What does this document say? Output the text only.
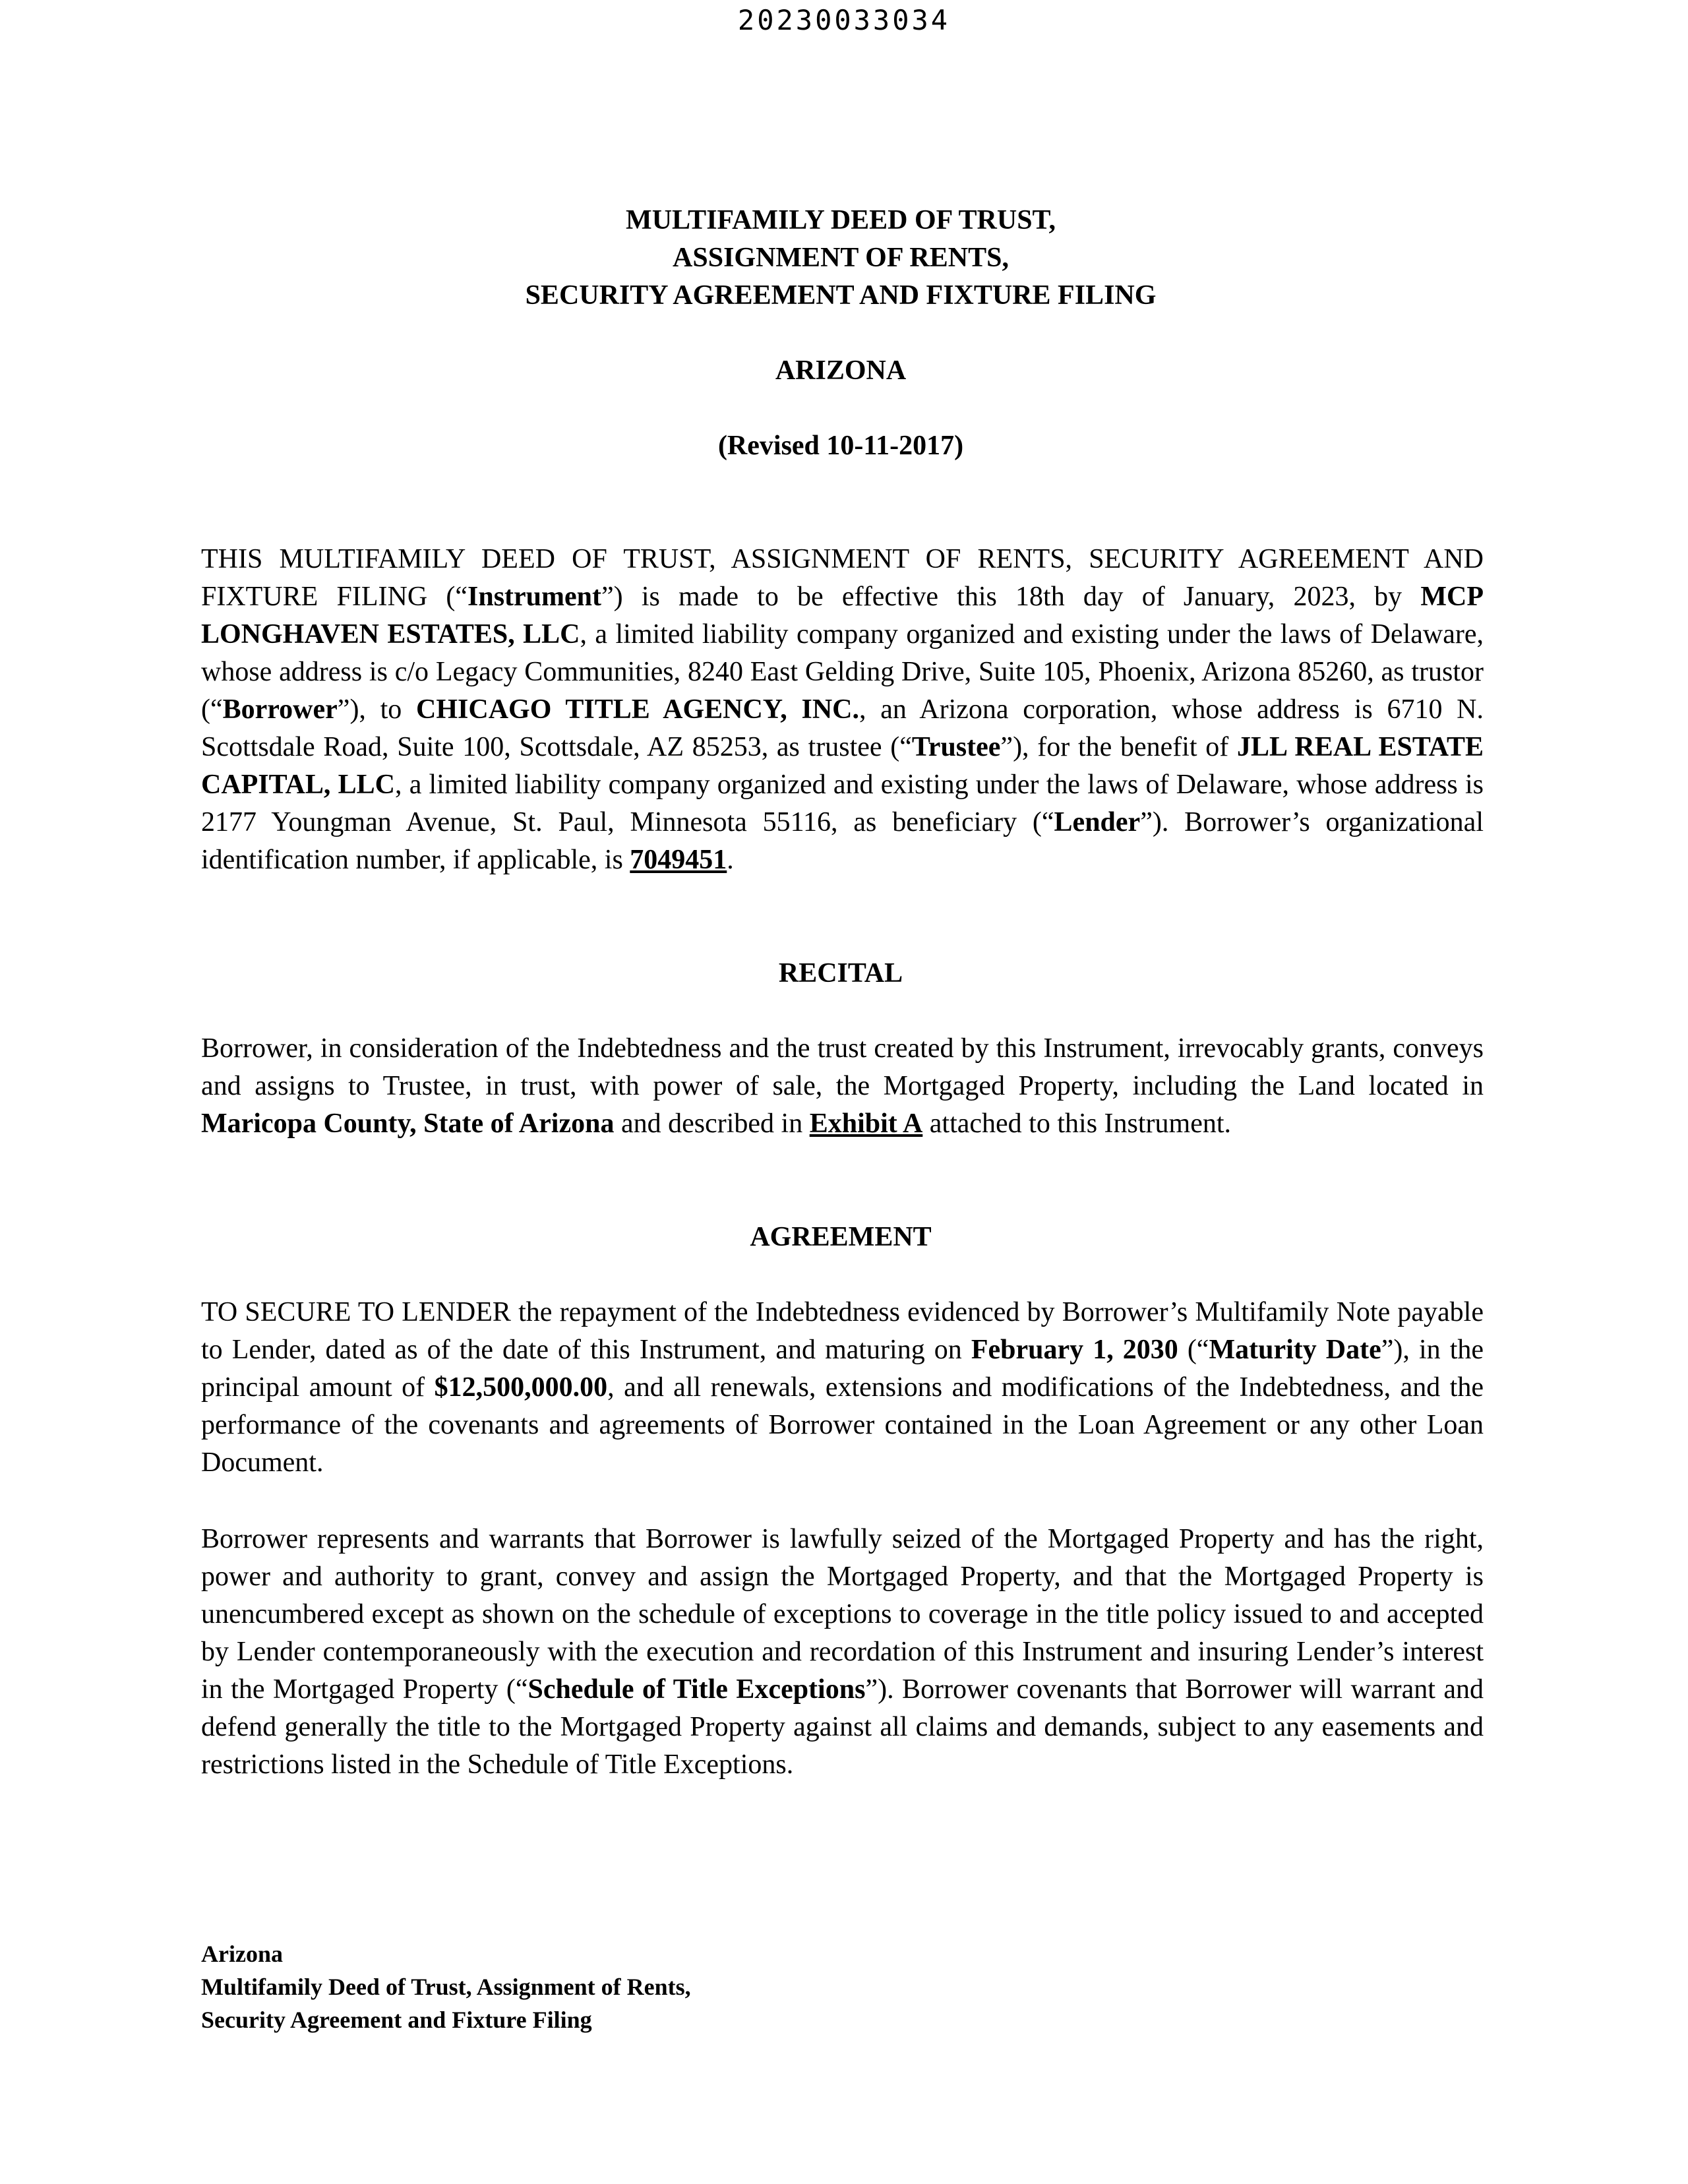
20230033034
MULTIFAMILY DEED OF TRUST,
ASSIGNMENT OF RENTS,
SECURITY AGREEMENT AND FIXTURE FILING
ARIZONA
(Revised 10-11-2017)
THIS MULTIFAMILY DEED OF TRUST, ASSIGNMENT OF RENTS, SECURITY AGREEMENT AND FIXTURE FILING (“Instrument”) is made to be effective this 18th day of January, 2023, by MCP LONGHAVEN ESTATES, LLC, a limited liability company organized and existing under the laws of Delaware, whose address is c/o Legacy Communities, 8240 East Gelding Drive, Suite 105, Phoenix, Arizona 85260, as trustor (“Borrower”), to CHICAGO TITLE AGENCY, INC., an Arizona corporation, whose address is 6710 N. Scottsdale Road, Suite 100, Scottsdale, AZ 85253, as trustee (“Trustee”), for the benefit of JLL REAL ESTATE CAPITAL, LLC, a limited liability company organized and existing under the laws of Delaware, whose address is 2177 Youngman Avenue, St. Paul, Minnesota 55116, as beneficiary (“Lender”). Borrower’s organizational identification number, if applicable, is 7049451.
RECITAL
Borrower, in consideration of the Indebtedness and the trust created by this Instrument, irrevocably grants, conveys and assigns to Trustee, in trust, with power of sale, the Mortgaged Property, including the Land located in Maricopa County, State of Arizona and described in Exhibit A attached to this Instrument.
AGREEMENT
TO SECURE TO LENDER the repayment of the Indebtedness evidenced by Borrower’s Multifamily Note payable to Lender, dated as of the date of this Instrument, and maturing on February 1, 2030 (“Maturity Date”), in the principal amount of $12,500,000.00, and all renewals, extensions and modifications of the Indebtedness, and the performance of the covenants and agreements of Borrower contained in the Loan Agreement or any other Loan Document.
Borrower represents and warrants that Borrower is lawfully seized of the Mortgaged Property and has the right, power and authority to grant, convey and assign the Mortgaged Property, and that the Mortgaged Property is unencumbered except as shown on the schedule of exceptions to coverage in the title policy issued to and accepted by Lender contemporaneously with the execution and recordation of this Instrument and insuring Lender’s interest in the Mortgaged Property (“Schedule of Title Exceptions”). Borrower covenants that Borrower will warrant and defend generally the title to the Mortgaged Property against all claims and demands, subject to any easements and restrictions listed in the Schedule of Title Exceptions.
Arizona
Multifamily Deed of Trust, Assignment of Rents,
Security Agreement and Fixture Filing
